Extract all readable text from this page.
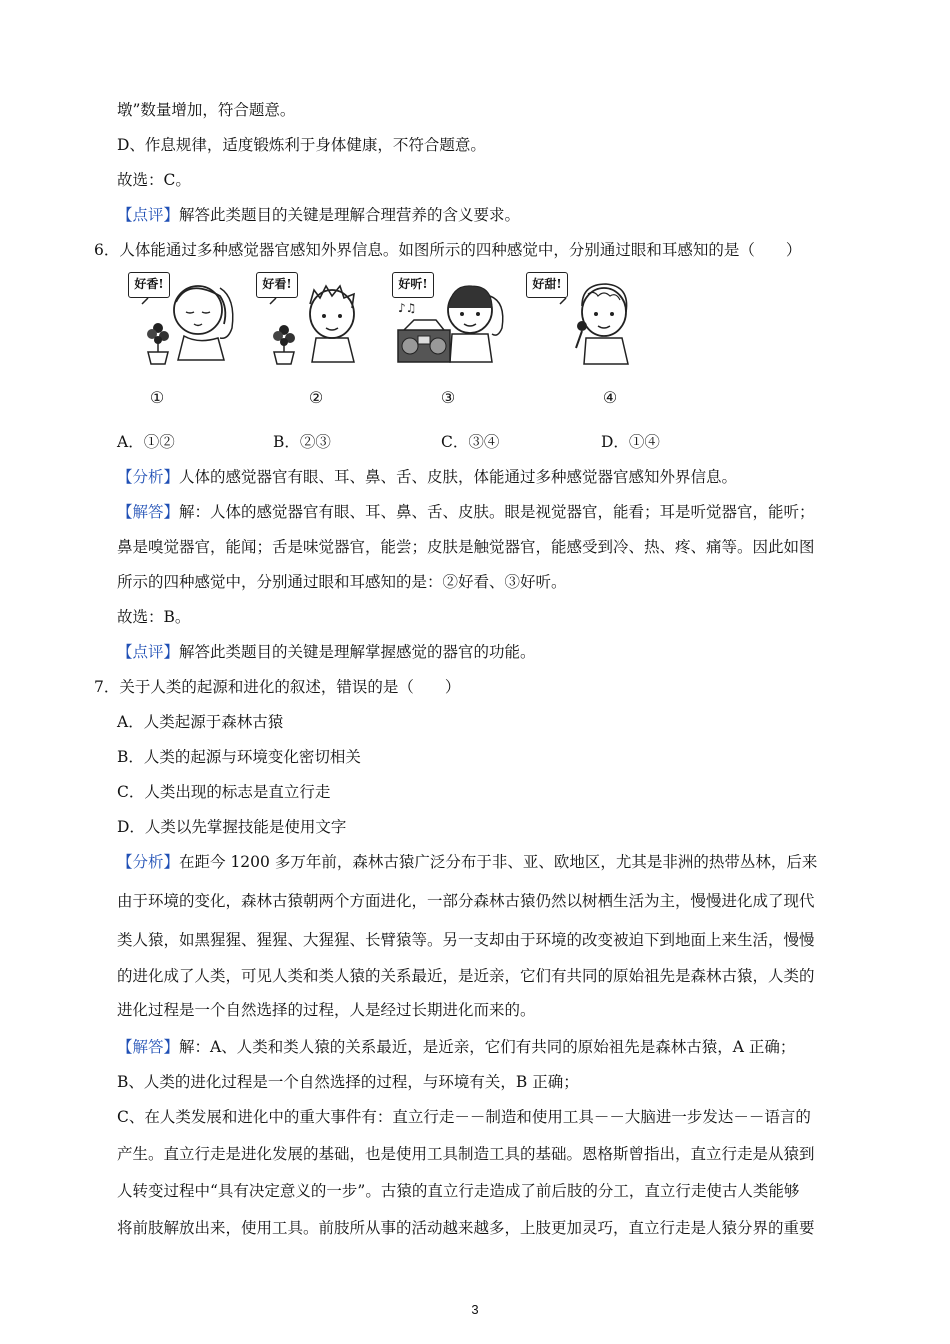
墩”数量增加，符合题意。
D、作息规律，适度锻炼利于身体健康，不符合题意。
故选：C。
【点评】解答此类题目的关键是理解合理营养的含义要求。
6．人体能通过多种感觉器官感知外界信息。如图所示的四种感觉中，分别通过眼和耳感知的是（　　）
好香!	好看!	好听!
♪♫
好甜!
①	②	③	④
A．①②	B．②③	C．③④	D．①④
【分析】人体的感觉器官有眼、耳、鼻、舌、皮肤，体能通过多种感觉器官感知外界信息。
【解答】解：人体的感觉器官有眼、耳、鼻、舌、皮肤。眼是视觉器官，能看；耳是听觉器官，能听；
鼻是嗅觉器官，能闻；舌是味觉器官，能尝；皮肤是触觉器官，能感受到冷、热、疼、痛等。因此如图
所示的四种感觉中，分别通过眼和耳感知的是：②好看、③好听。
故选：B。
【点评】解答此类题目的关键是理解掌握感觉的器官的功能。
7．关于人类的起源和进化的叙述，错误的是（　　）
A．人类起源于森林古猿
B．人类的起源与环境变化密切相关
C．人类出现的标志是直立行走
D．人类以先掌握技能是使用文字
【分析】在距今 1200 多万年前，森林古猿广泛分布于非、亚、欧地区，尤其是非洲的热带丛林，后来
由于环境的变化，森林古猿朝两个方面进化，一部分森林古猿仍然以树栖生活为主，慢慢进化成了现代
类人猿，如黑猩猩、猩猩、大猩猩、长臂猿等。另一支却由于环境的改变被迫下到地面上来生活，慢慢
的进化成了人类，可见人类和类人猿的关系最近，是近亲，它们有共同的原始祖先是森林古猿，人类的
进化过程是一个自然选择的过程，人是经过长期进化而来的。
【解答】解：A、人类和类人猿的关系最近，是近亲，它们有共同的原始祖先是森林古猿，A 正确；
B、人类的进化过程是一个自然选择的过程，与环境有关，B 正确；
C、在人类发展和进化中的重大事件有：直立行走－－制造和使用工具－－大脑进一步发达－－语言的
产生。直立行走是进化发展的基础，也是使用工具制造工具的基础。恩格斯曾指出，直立行走是从猿到
人转变过程中“具有决定意义的一步”。古猿的直立行走造成了前后肢的分工，直立行走使古人类能够
将前肢解放出来，使用工具。前肢所从事的活动越来越多，上肢更加灵巧，直立行走是人猿分界的重要
3
